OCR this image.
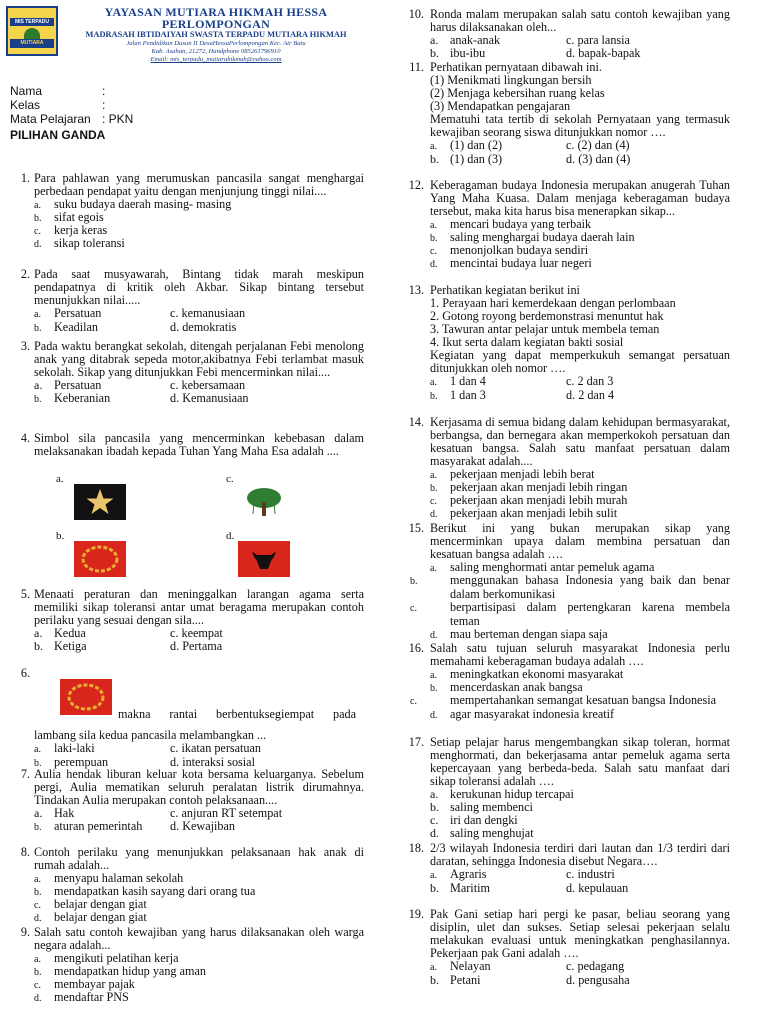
MIS TERPADU
MUTIARA HIKMAH
YAYASAN MUTIARA HIKMAH HESSA
PERLOMPONGAN
MADRASAH IBTIDAIYAH SWASTA TERPADU MUTIARA HIKMAH
Jalan Pendidikan Dusun II DesaHessaPerlompongan Kec. Air Batu
Kab. Asahan, 21272, Handphone 085261796910
Email: mis_terpadu_mutiarahikmah@yahoo.com
Nama	:
Kelas	:
Mata Pelajaran : PKN
PILIHAN GANDA
1. Para pahlawan yang merumuskan pancasila sangat menghargai perbedaan pendapat yaitu dengan menjunjung tinggi nilai....
a. suku budaya daerah masing- masing
b. sifat egois
c. kerja keras
d. sikap toleransi
2. Pada saat musyawarah, Bintang tidak marah meskipun pendapatnya di kritik oleh Akbar. Sikap bintang tersebut menunjukkan nilai.....
a. Persatuan	c. kemanusiaan
b. Keadilan	d. demokratis
3. Pada waktu berangkat sekolah, ditengah perjalanan Febi menolong anak yang ditabrak sepeda motor,akibatnya Febi terlambat masuk sekolah. Sikap yang ditunjukkan Febi mencerminkan nilai....
a. Persatuan	c. kebersamaan
b. Keberanian	d. Kemanusiaan
4. Simbol sila pancasila yang mencerminkan kebebasan dalam melaksanakan ibadah kepada Tuhan Yang Maha Esa adalah ....
a.	c.
b.	d.
5. Menaati peraturan dan meninggalkan larangan agama serta memiliki sikap toleransi antar umat beragama merupakan contoh perilaku yang sesuai dengan sila....
a. Kedua	c. keempat
b. Ketiga	d. Pertama
6.
makna rantai berbentuksegiempat pada
lambang sila kedua pancasila melambangkan ...
a. laki-laki	c. ikatan persatuan
b. perempuan	d. interaksi sosial
7. Aulia hendak liburan keluar kota bersama keluarganya. Sebelum pergi, Aulia mematikan seluruh peralatan listrik dirumahnya. Tindakan Aulia merupakan contoh pelaksanaan....
a. Hak	c. anjuran RT setempat
b. aturan pemerintah d. Kewajiban
8. Contoh perilaku yang menunjukkan pelaksanaan hak anak di rumah adalah...
a. menyapu halaman sekolah
b. mendapatkan kasih sayang dari orang tua
c. belajar dengan giat
d. belajar dengan giat
9. Salah satu contoh kewajiban yang harus dilaksanakan oleh warga negara adalah...
a. mengikuti pelatihan kerja
b. mendapatkan hidup yang aman
c. membayar pajak
d. mendaftar PNS
10. Ronda malam merupakan salah satu contoh kewajiban yang harus dilaksanakan oleh...
a. anak-anak	c. para lansia
b. ibu-ibu	d. bapak-bapak
11. Perhatikan pernyataan dibawah ini.
(1) Menikmati lingkungan bersih
(2) Menjaga kebersihan ruang kelas
(3) Mendapatkan pengajaran
Mematuhi tata tertib di sekolah Pernyataan yang termasuk kewajiban seorang siswa ditunjukkan nomor ….
a. (1) dan (2)	c. (2) dan (4)
b. (1) dan (3)	d. (3) dan (4)
12. Keberagaman budaya Indonesia merupakan anugerah Tuhan Yang Maha Kuasa. Dalam menjaga keberagaman budaya tersebut, maka kita harus bisa menerapkan sikap...
a. mencari budaya yang terbaik
b. saling menghargai budaya daerah lain
c. menonjolkan budaya sendiri
d. mencintai budaya luar negeri
13. Perhatikan kegiatan berikut ini
1. Perayaan hari kemerdekaan dengan perlombaan
2. Gotong royong berdemonstrasi menuntut hak
3. Tawuran antar pelajar untuk membela teman
4. Ikut serta dalam kegiatan bakti sosial
Kegiatan yang dapat memperkukuh semangat persatuan ditunjukkan oleh nomor ….
a. 1 dan 4	c. 2 dan 3
b. 1 dan 3	d. 2 dan 4
14. Kerjasama di semua bidang dalam kehidupan bermasyarakat, berbangsa, dan bernegara akan memperkokoh persatuan dan kesatuan bangsa. Salah satu manfaat persatuan dalam masyarakat adalah....
a. pekerjaan menjadi lebih berat
b. pekerjaan akan menjadi lebih ringan
c. pekerjaan akan menjadi lebih murah
d. pekerjaan akan menjadi lebih sulit
15. Berikut ini yang bukan merupakan sikap yang mencerminkan upaya dalam membina persatuan dan kesatuan bangsa adalah ….
a. saling menghormati antar pemeluk agama
b.	menggunakan bahasa Indonesia yang baik dan benar dalam berkomunikasi
c.	berpartisipasi dalam pertengkaran karena membela teman
d. mau berteman dengan siapa saja
16. Salah satu tujuan seluruh masyarakat Indonesia perlu memahami keberagaman budaya adalah ….
a. meningkatkan ekonomi masyarakat
b. mencerdaskan anak bangsa
c.	mempertahankan semangat kesatuan bangsa Indonesia
d. agar masyarakat indonesia kreatif
17. Setiap pelajar harus mengembangkan sikap toleran, hormat menghormati, dan bekerjasama antar pemeluk agama serta kepercayaan yang berbeda-beda. Salah satu manfaat dari sikap toleransi adalah ….
a. kerukunan hidup tercapai
b. saling membenci
c. iri dan dengki
d. saling menghujat
18. 2/3 wilayah Indonesia terdiri dari lautan dan 1/3 terdiri dari daratan, sehingga Indonesia disebut Negara….
a. Agraris	c. industri
b. Maritim	d. kepulauan
19. Pak Gani setiap hari pergi ke pasar, beliau seorang yang disiplin, ulet dan sukses. Setiap selesai pekerjaan selalu melakukan evaluasi untuk meningkatkan penghasilannya. Pekerjaan pak Gani adalah ….
a. Nelayan	c. pedagang
b. Petani	d. pengusaha
